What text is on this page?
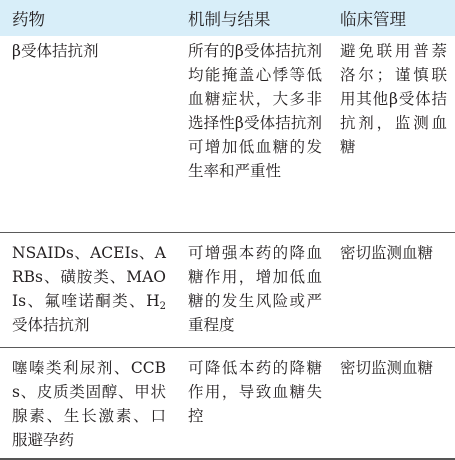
药物	机制与结果	临床管理
β受体拮抗剂	所有的β受体拮抗剂均能掩盖心悸等低血糖症状，大多非选择性β受体拮抗剂可增加低血糖的发生率和严重性	避免联用普萘洛尔；谨慎联用其他β受体拮抗剂，监测血糖
NSAIDs、ACEIs、ARBs、磺胺类、MAOIs、氟喹诺酮类、$H_2$受体拮抗剂	可增强本药的降血糖作用，增加低血糖的发生风险或严重程度	密切监测血糖
噻嗪类利尿剂、CCBs、皮质类固醇、甲状腺素、生长激素、口服避孕药	可降低本药的降糖作用，导致血糖失控	密切监测血糖
